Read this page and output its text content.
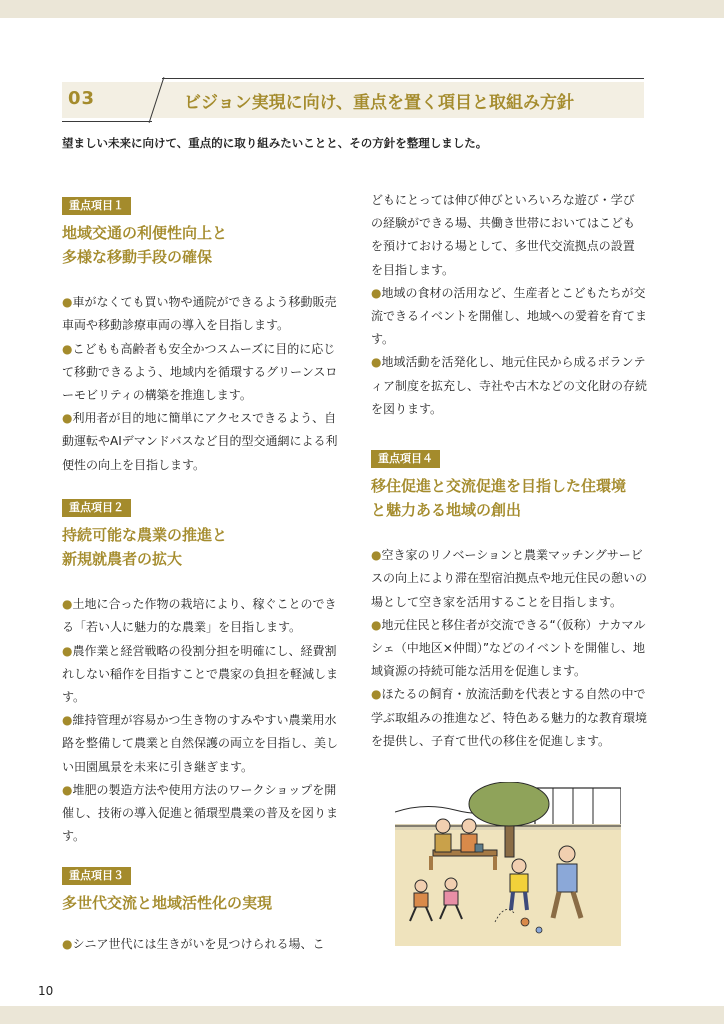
03	ビジョン実現に向け、重点を置く項目と取組み方針
望ましい未来に向けて、重点的に取り組みたいことと、その方針を整理しました。
重点項目１
地域交通の利便性向上と
多様な移動手段の確保

●車がなくても買い物や通院ができるよう移動販売車両や移動診療車両の導入を目指します。

●こどもも高齢者も安全かつスムーズに目的に応じて移動できるよう、地域内を循環するグリーンスローモビリティの構築を推進します。

●利用者が目的地に簡単にアクセスできるよう、自動運転やAIデマンドバスなど目的型交通網による利便性の向上を目指します。

重点項目２
持続可能な農業の推進と
新規就農者の拡大

●土地に合った作物の栽培により、稼ぐことのできる「若い人に魅力的な農業」を目指します。

●農作業と経営戦略の役割分担を明確にし、経費割れしない稲作を目指すことで農家の負担を軽減します。

●維持管理が容易かつ生き物のすみやすい農業用水路を整備して農業と自然保護の両立を目指し、美しい田園風景を未来に引き継ぎます。

●堆肥の製造方法や使用方法のワークショップを開催し、技術の導入促進と循環型農業の普及を図ります。

重点項目３
多世代交流と地域活性化の実現

●シニア世代には生きがいを見つけられる場、こ

どもにとっては伸び伸びといろいろな遊び・学び
の経験ができる場、共働き世帯においてはこども
を預けておける場として、多世代交流拠点の設置
を目指します。

●地域の食材の活用など、生産者とこどもたちが交流できるイベントを開催し、地域への愛着を育てます。

●地域活動を活発化し、地元住民から成るボランティア制度を拡充し、寺社や古木などの文化財の存続を図ります。

重点項目４
移住促進と交流促進を目指した住環境
と魅力ある地域の創出

●空き家のリノベーションと農業マッチングサービスの向上により滞在型宿泊拠点や地元住民の憩いの場として空き家を活用することを目指します。

●地元住民と移住者が交流できる“（仮称）ナカマルシェ（中地区×仲間）”などのイベントを開催し、地域資源の持続可能な活用を促進します。

●ほたるの飼育・放流活動を代表とする自然の中で学ぶ取組みの推進など、特色ある魅力的な教育環境を提供し、子育て世代の移住を促進します。

10
